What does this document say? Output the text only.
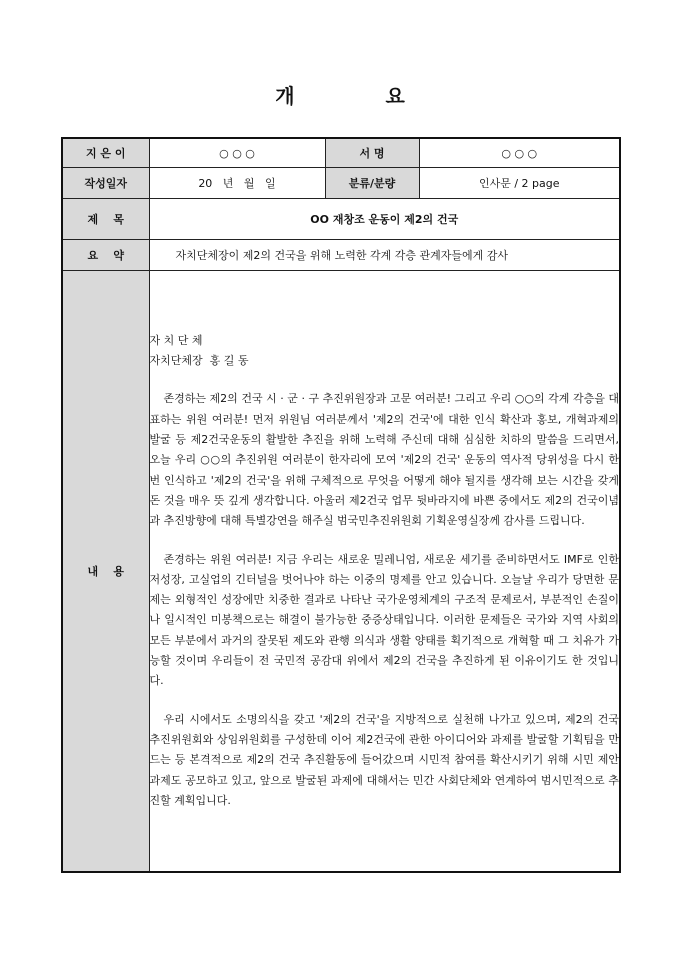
개 요
지 은 이	○ ○ ○	서 명	○ ○ ○
작성일자	20   년   월   일	분류/분량	인사문 / 2 page
제    목	OO 재창조 운동이 제2의 건국		
요    약	자치단체장이 제2의 건국을 위해 노력한 각계 각층 관계자들에게 감사		
내    용	자 치 단 체

자치단체장  홍 길 동

존경하는 제2의 건국 시 · 군 · 구 추진위원장과 고문 여러분! 그리고 우리 ○○의 각계 각층을 대표하는 위원 여러분! 먼저 위원님 여러분께서 '제2의 건국'에 대한 인식 확산과 홍보, 개혁과제의 발굴 등 제2건국운동의 활발한 추진을 위해 노력해 주신데 대해 심심한 치하의 말씀을 드리면서, 오늘 우리 ○○의 추진위원 여러분이 한자리에 모여 '제2의 건국' 운동의 역사적 당위성을 다시 한번 인식하고 '제2의 건국'을 위해 구체적으로 무엇을 어떻게 해야 될지를 생각해 보는 시간을 갖게 돈 것을 매우 뜻 깊게 생각합니다. 아울러 제2건국 업무 뒷바라지에 바쁜 중에서도 제2의 건국이념과 추진방향에 대해 특별강연을 해주실 범국민추진위원회 기획운영실장께 감사를 드립니다.

존경하는 위원 여러분! 지금 우리는 새로운 밀레니엄, 새로운 세기를 준비하면서도 IMF로 인한 저성장, 고실업의 긴터널을 벗어나야 하는 이중의 명제를 안고 있습니다. 오늘날 우리가 당면한 문제는 외형적인 성장에만 치중한 결과로 나타난 국가운영체계의 구조적 문제로서, 부분적인 손질이나 일시적인 미봉책으로는 해결이 불가능한 중증상태입니다. 이러한 문제들은 국가와 지역 사회의 모든 부분에서 과거의 잘못된 제도와 관행 의식과 생활 양태를 획기적으로 개혁할 때 그 치유가 가능할 것이며 우리들이 전 국민적 공감대 위에서 제2의 건국을 추진하게 된 이유이기도 한 것입니다.

우리 시에서도 소명의식을 갖고 '제2의 건국'을 지방적으로 실천해 나가고 있으며, 제2의 건국 추진위원회와 상임위원회를 구성한데 이어 제2건국에 관한 아이디어와 과제를 발굴할 기획팀을 만드는 등 본격적으로 제2의 건국 추진활동에 들어갔으며 시민적 참여를 확산시키기 위해 시민 제안과제도 공모하고 있고, 앞으로 발굴된 과제에 대해서는 민간 사회단체와 연계하여 범시민적으로 추진할 계획입니다.		
